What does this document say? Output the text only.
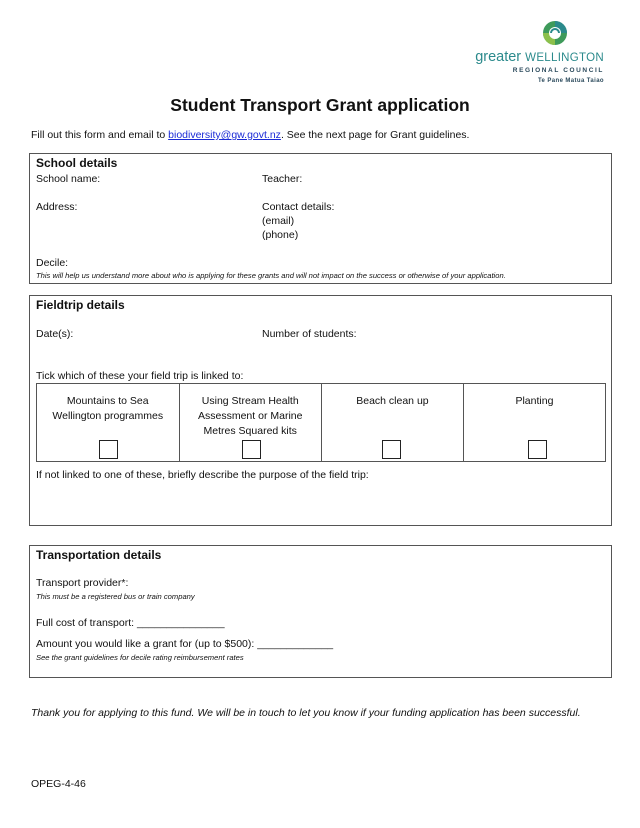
greater WELLINGTON
REGIONAL COUNCIL
Te Pane Matua Taiao
Student Transport Grant application
Fill out this form and email to biodiversity@gw.govt.nz. See the next page for Grant guidelines.
School details
School name:	Teacher:
Address:	Contact details:
(email)
(phone)
Decile:
This will help us understand more about who is applying for these grants and will not impact on the success or otherwise of your application.
Fieldtrip details
Date(s):	Number of students:
Tick which of these your field trip is linked to:
Mountains to Sea
Wellington programmes

Using Stream Health
Assessment or Marine
Metres Squared kits

Beach clean up	Planting
If not linked to one of these, briefly describe the purpose of the field trip:
Transportation details
Transport provider*:
This must be a registered bus or train company
Full cost of transport: _______________
Amount you would like a grant for (up to $500): _____________
See the grant guidelines for decile rating reimbursement rates
Thank you for applying to this fund. We will be in touch to let you know if your funding application has been successful.
OPEG-4-46
